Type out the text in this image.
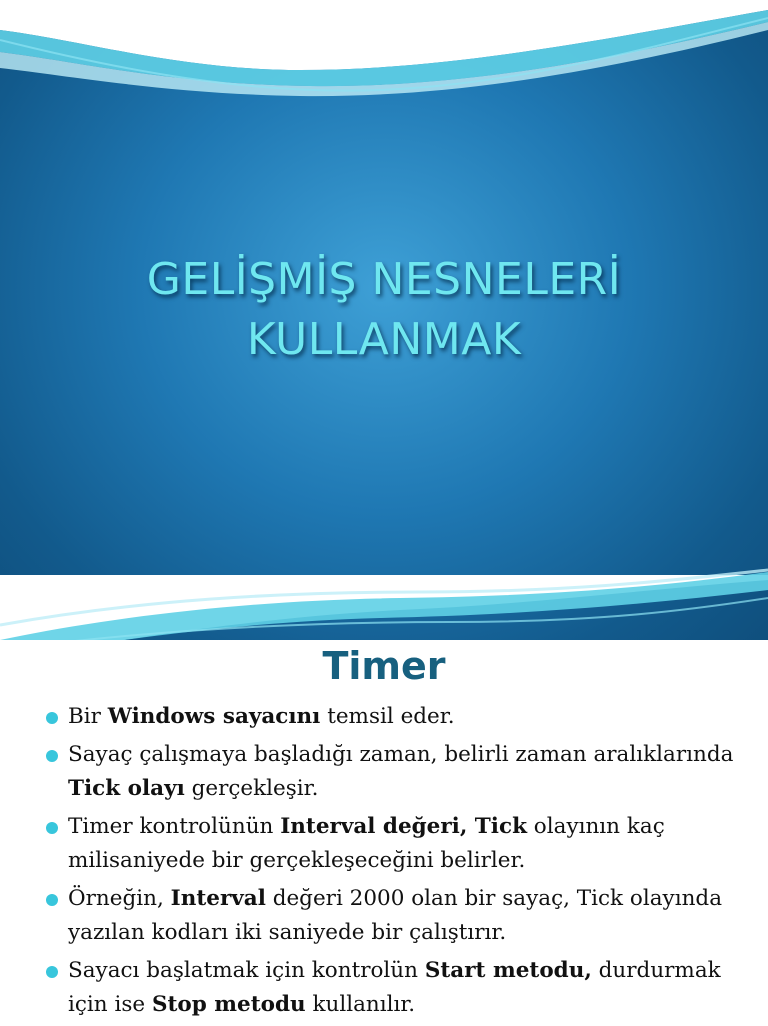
GELİŞMİŞ NESNELERİ
KULLANMAK
Timer
Bir Windows sayacını temsil eder.
Sayaç çalışmaya başladığı zaman, belirli zaman aralıklarında Tick olayı gerçekleşir.
Timer kontrolünün Interval değeri, Tick olayının kaç milisaniyede bir gerçekleşeceğini belirler.
Örneğin, Interval değeri 2000 olan bir sayaç, Tick olayında yazılan kodları iki saniyede bir çalıştırır.
Sayacı başlatmak için kontrolün Start metodu, durdurmak için ise Stop metodu kullanılır.
